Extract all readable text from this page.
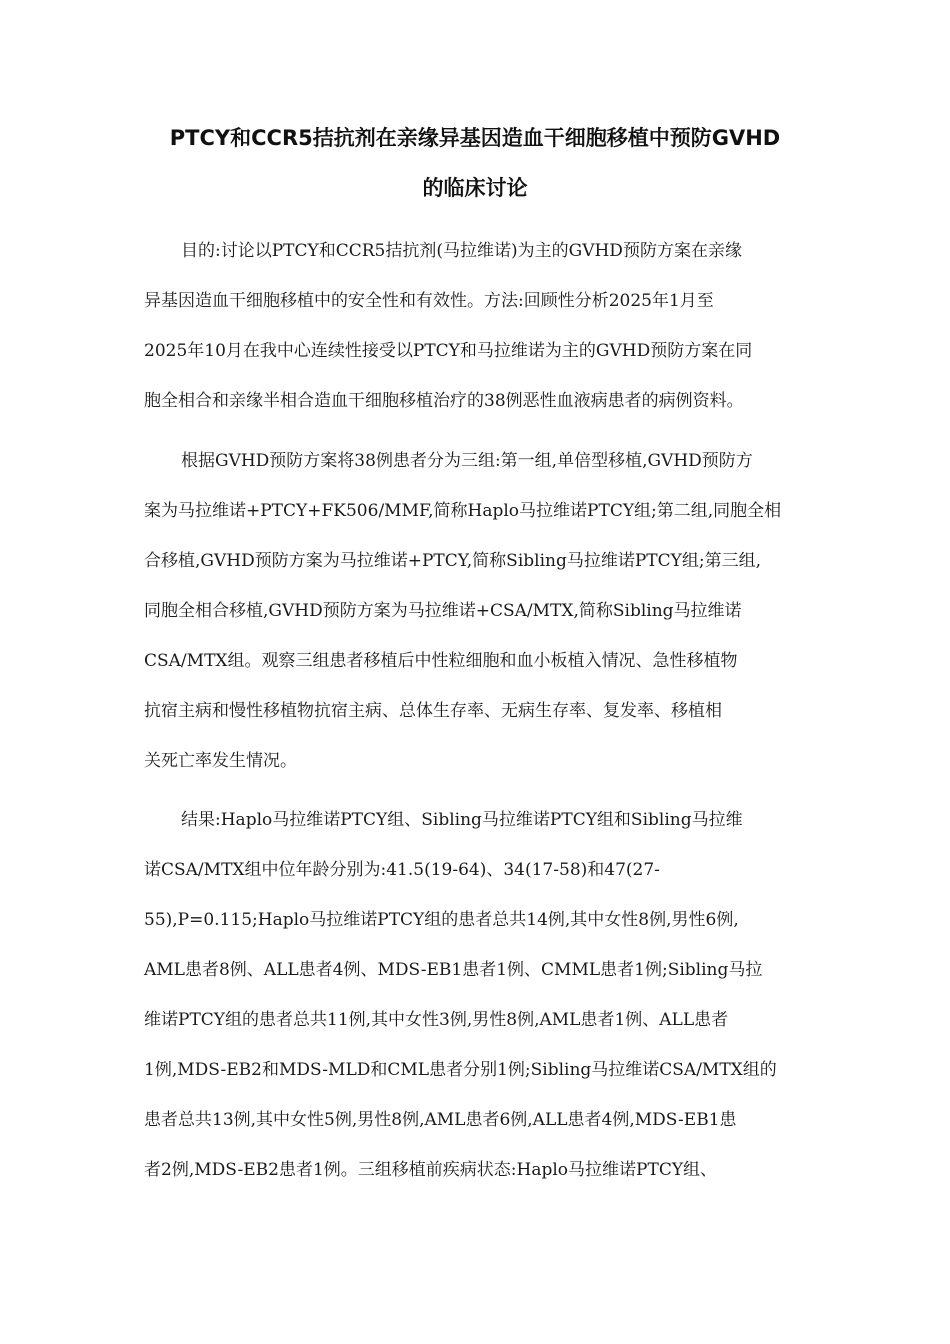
PTCY和CCR5拮抗剂在亲缘异基因造血干细胞移植中预防GVHD
的临床讨论
目的:讨论以PTCY和CCR5拮抗剂(马拉维诺)为主的GVHD预防方案在亲缘
异基因造血干细胞移植中的安全性和有效性。方法:回顾性分析2025年1月至
2025年10月在我中心连续性接受以PTCY和马拉维诺为主的GVHD预防方案在同
胞全相合和亲缘半相合造血干细胞移植治疗的38例恶性血液病患者的病例资料。
根据GVHD预防方案将38例患者分为三组:第一组,单倍型移植,GVHD预防方
案为马拉维诺+PTCY+FK506/MMF,简称Haplo马拉维诺PTCY组;第二组,同胞全相
合移植,GVHD预防方案为马拉维诺+PTCY,简称Sibling马拉维诺PTCY组;第三组,
同胞全相合移植,GVHD预防方案为马拉维诺+CSA/MTX,简称Sibling马拉维诺
CSA/MTX组。观察三组患者移植后中性粒细胞和血小板植入情况、急性移植物
抗宿主病和慢性移植物抗宿主病、总体生存率、无病生存率、复发率、移植相
关死亡率发生情况。
结果:Haplo马拉维诺PTCY组、Sibling马拉维诺PTCY组和Sibling马拉维
诺CSA/MTX组中位年龄分别为:41.5(19-64)、34(17-58)和47(27-
55),P=0.115;Haplo马拉维诺PTCY组的患者总共14例,其中女性8例,男性6例,
AML患者8例、ALL患者4例、MDS-EB1患者1例、CMML患者1例;Sibling马拉
维诺PTCY组的患者总共11例,其中女性3例,男性8例,AML患者1例、ALL患者
1例,MDS-EB2和MDS-MLD和CML患者分别1例;Sibling马拉维诺CSA/MTX组的
患者总共13例,其中女性5例,男性8例,AML患者6例,ALL患者4例,MDS-EB1患
者2例,MDS-EB2患者1例。三组移植前疾病状态:Haplo马拉维诺PTCY组、
